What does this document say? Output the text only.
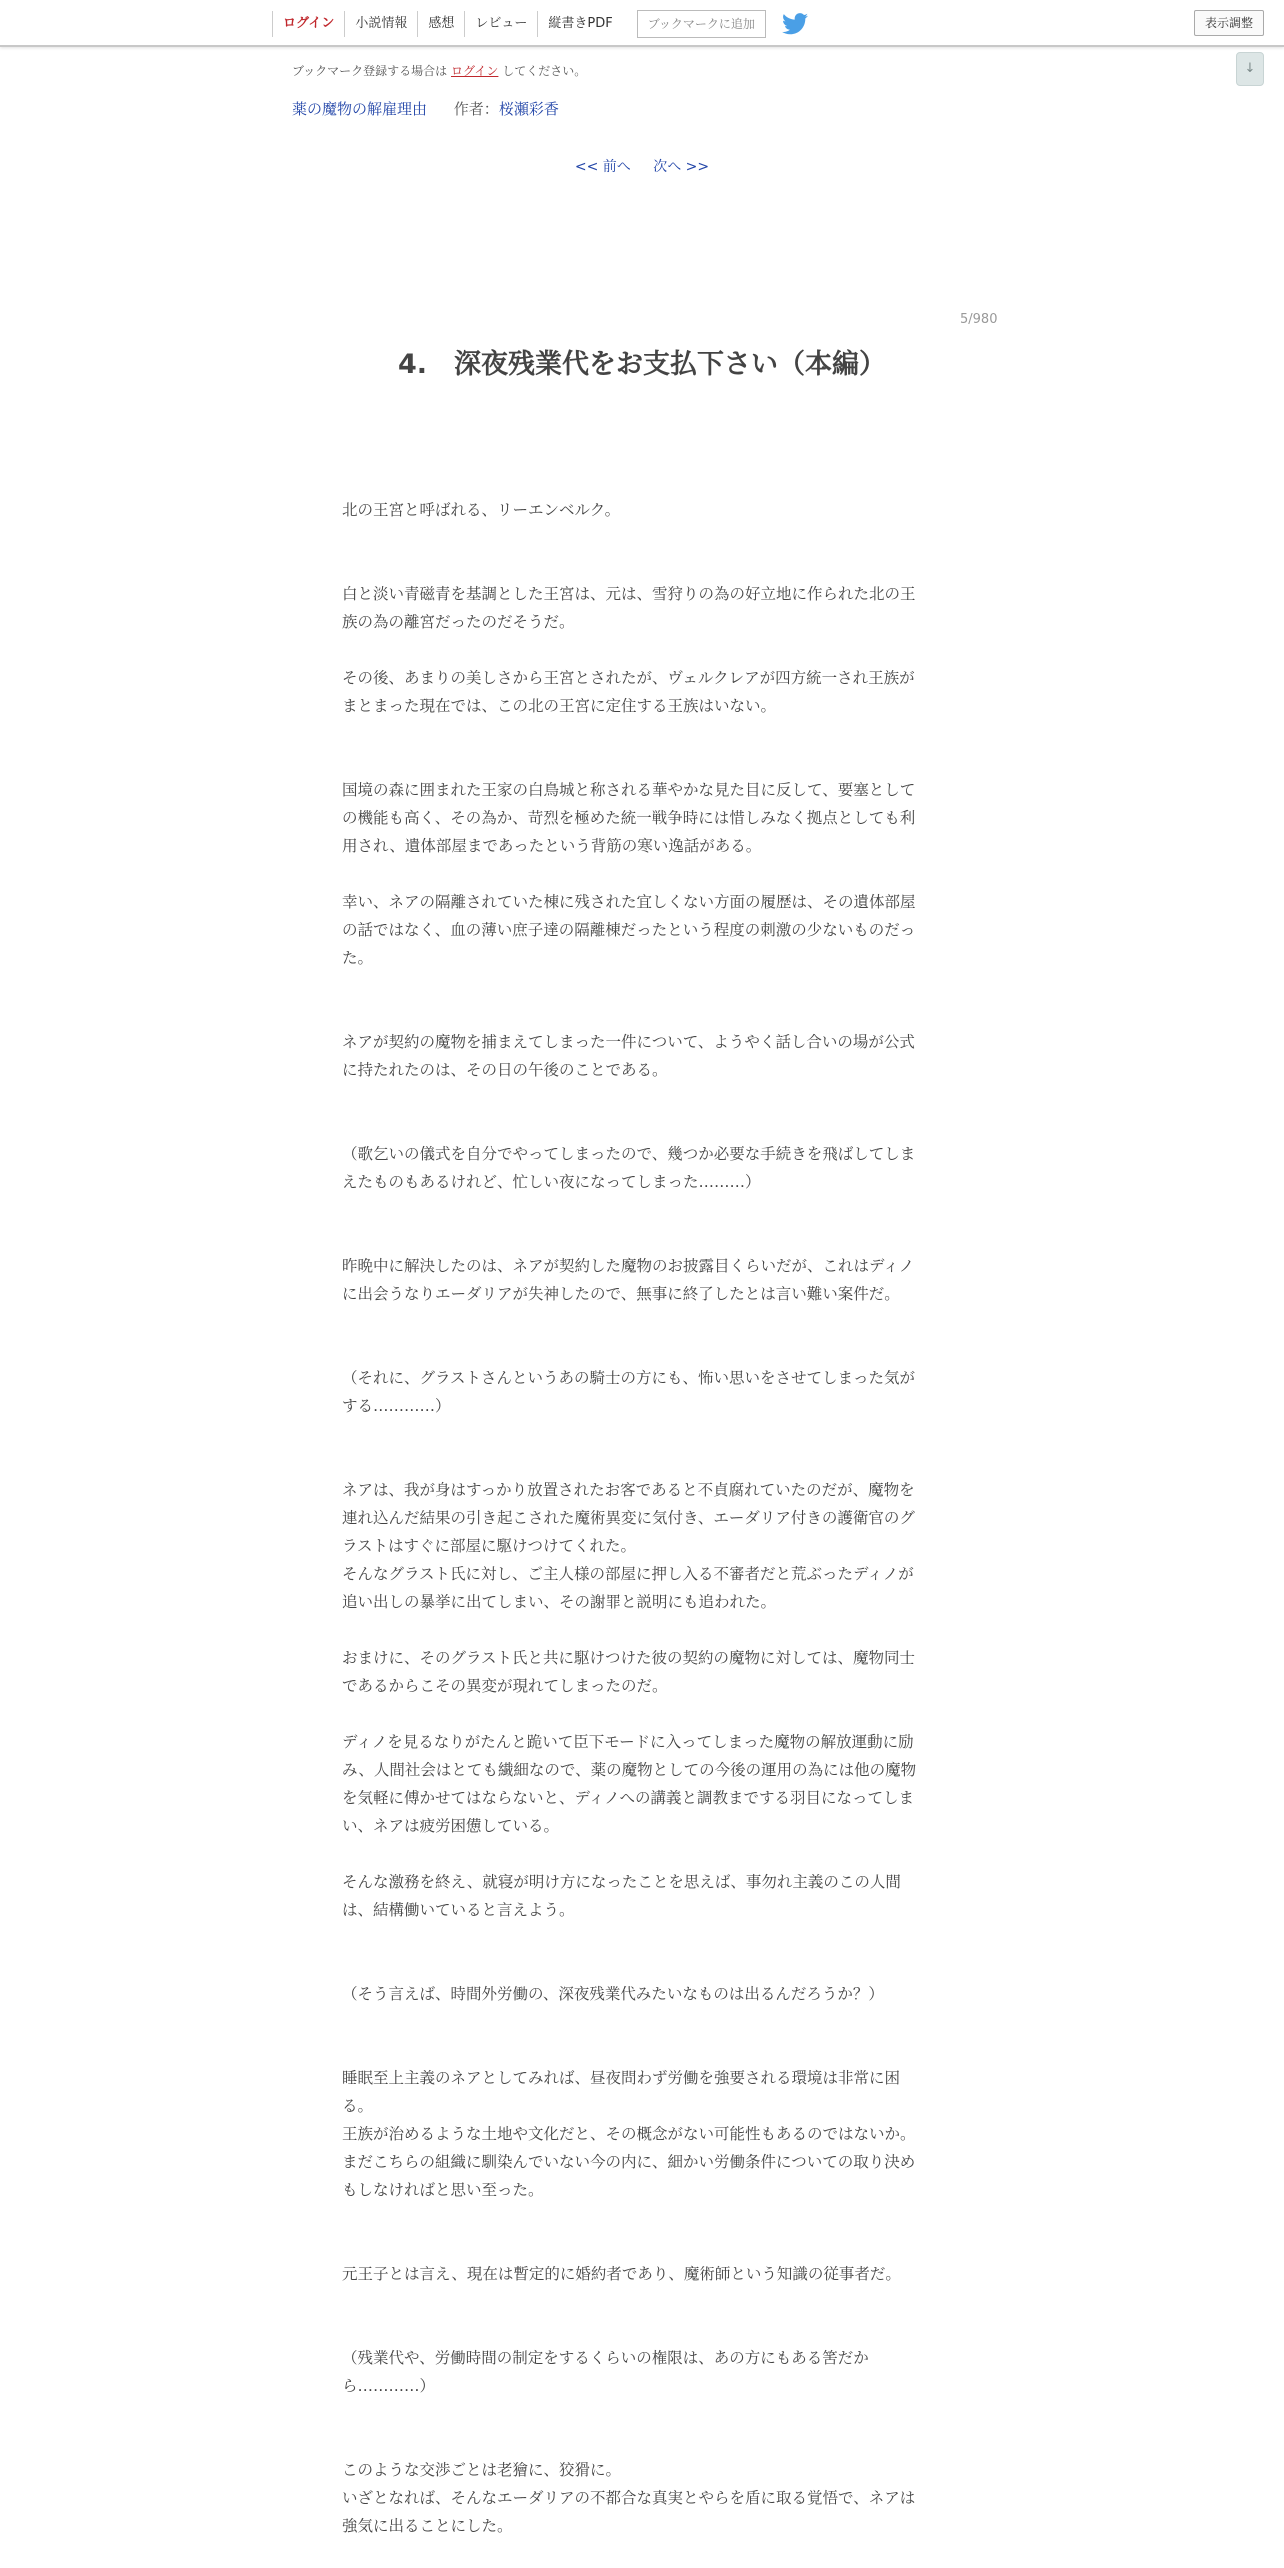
ログイン	小説情報	感想	レビュー	縦書きPDF	ブックマークに追加	表示調整
↓
ブックマーク登録する場合は ログイン してください。
薬の魔物の解雇理由 作者：桜瀬彩香
<< 前へ 次へ >>
5/980
4.　深夜残業代をお支払下さい（本編）

北の王宮と呼ばれる、リーエンベルク。

白と淡い青磁青を基調とした王宮は、元は、雪狩りの為の好立地に作られた北の王
族の為の離宮だったのだそうだ。

その後、あまりの美しさから王宮とされたが、ヴェルクレアが四方統一され王族が
まとまった現在では、この北の王宮に定住する王族はいない。

国境の森に囲まれた王家の白鳥城と称される華やかな見た目に反して、要塞として
の機能も高く、その為か、苛烈を極めた統一戦争時には惜しみなく拠点としても利
用され、遺体部屋まであったという背筋の寒い逸話がある。

幸い、ネアの隔離されていた棟に残された宜しくない方面の履歴は、その遺体部屋
の話ではなく、血の薄い庶子達の隔離棟だったという程度の刺激の少ないものだっ
た。

ネアが契約の魔物を捕まえてしまった一件について、ようやく話し合いの場が公式
に持たれたのは、その日の午後のことである。

（歌乞いの儀式を自分でやってしまったので、幾つか必要な手続きを飛ばしてしま
えたものもあるけれど、忙しい夜になってしまった………）

昨晩中に解決したのは、ネアが契約した魔物のお披露目くらいだが、これはディノ
に出会うなりエーダリアが失神したので、無事に終了したとは言い難い案件だ。

（それに、グラストさんというあの騎士の方にも、怖い思いをさせてしまった気が
する…………）

ネアは、我が身はすっかり放置されたお客であると不貞腐れていたのだが、魔物を
連れ込んだ結果の引き起こされた魔術異変に気付き、エーダリア付きの護衛官のグ
ラストはすぐに部屋に駆けつけてくれた。
そんなグラスト氏に対し、ご主人様の部屋に押し入る不審者だと荒ぶったディノが
追い出しの暴挙に出てしまい、その謝罪と説明にも追われた。

おまけに、そのグラスト氏と共に駆けつけた彼の契約の魔物に対しては、魔物同士
であるからこその異変が現れてしまったのだ。

ディノを見るなりがたんと跪いて臣下モードに入ってしまった魔物の解放運動に励
み、人間社会はとても繊細なので、薬の魔物としての今後の運用の為には他の魔物
を気軽に傅かせてはならないと、ディノへの講義と調教までする羽目になってしま
い、ネアは疲労困憊している。

そんな激務を終え、就寝が明け方になったことを思えば、事勿れ主義のこの人間
は、結構働いていると言えよう。

（そう言えば、時間外労働の、深夜残業代みたいなものは出るんだろうか？）

睡眠至上主義のネアとしてみれば、昼夜問わず労働を強要される環境は非常に困
る。
王族が治めるような土地や文化だと、その概念がない可能性もあるのではないか。
まだこちらの組織に馴染んでいない今の内に、細かい労働条件についての取り決め
もしなければと思い至った。

元王子とは言え、現在は暫定的に婚約者であり、魔術師という知識の従事者だ。

（残業代や、労働時間の制定をするくらいの権限は、あの方にもある筈だか
ら…………）

このような交渉ごとは老獪に、狡猾に。
いざとなれば、そんなエーダリアの不都合な真実とやらを盾に取る覚悟で、ネアは
強気に出ることにした。
